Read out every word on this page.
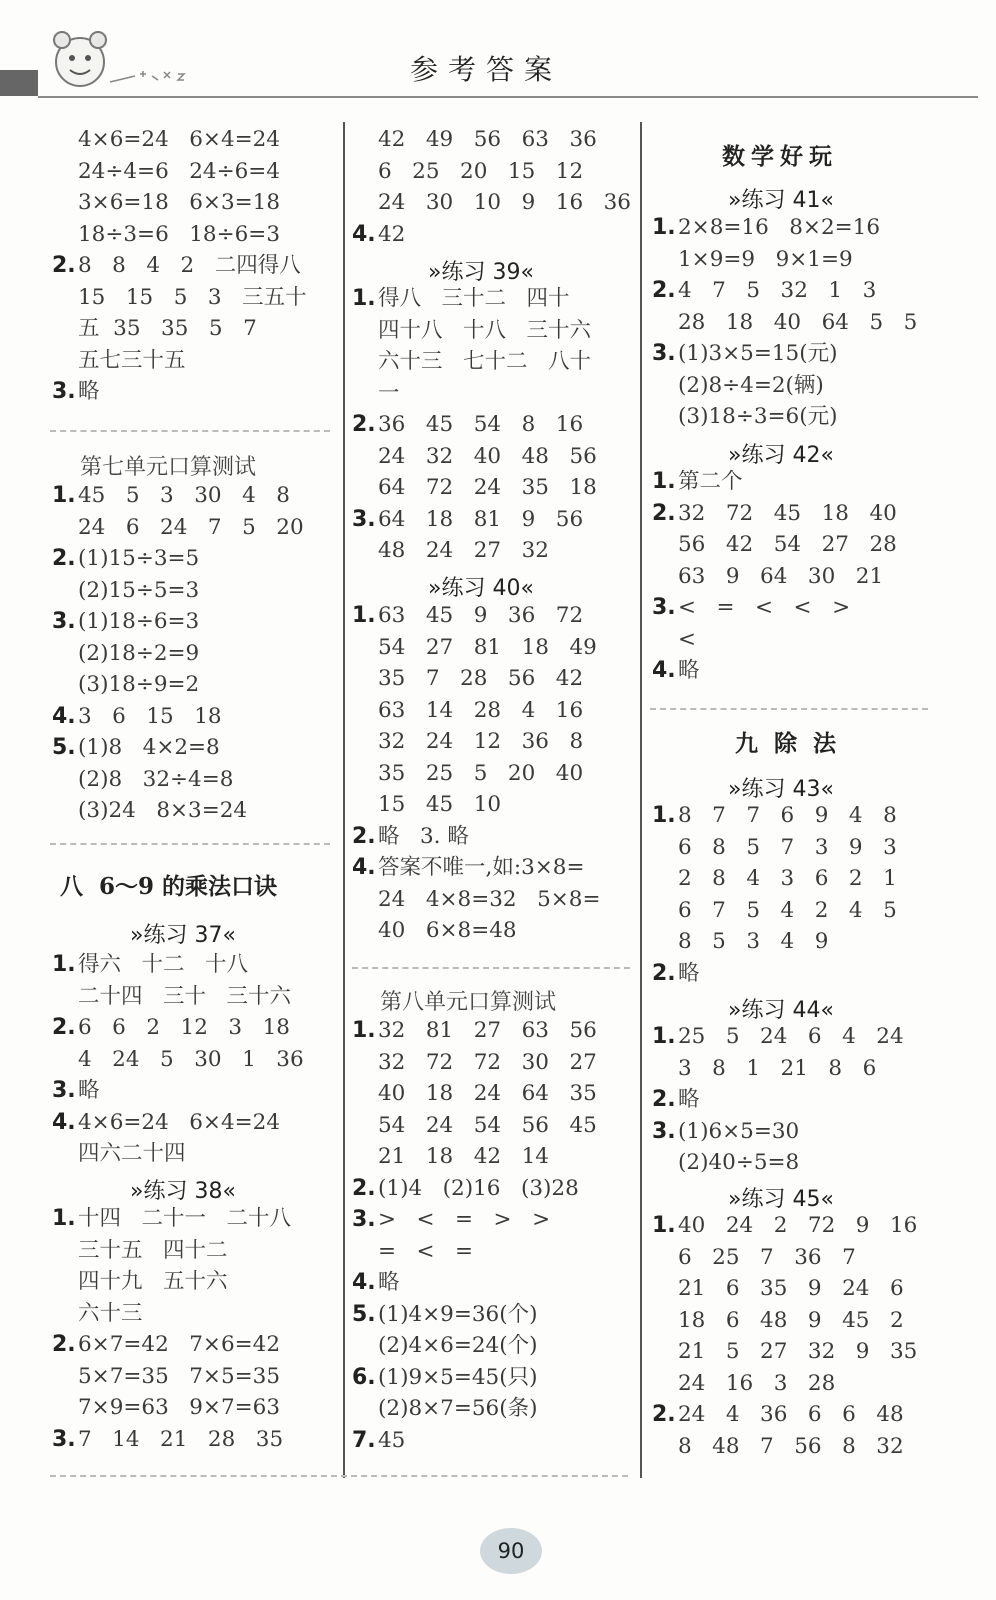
参考答案
90
4×6=24   6×4=24
24÷4=6   24÷6=4
3×6=18   6×3=18
18÷3=6   18÷6=3
2. 8   8   4   2   二四得八
15   15   5   3   三五十
五  35   35   5   7
五七三十五
3. 略
第七单元口算测试
1. 45   5   3   30   4   8
24   6   24   7   5   20
2. (1)15÷3=5
(2)15÷5=3
3. (1)18÷6=3
(2)18÷2=9
(3)18÷9=2
4. 3   6   15   18
5. (1)8   4×2=8
(2)8   32÷4=8
(3)24   8×3=24
八  6～9 的乘法口诀
»练习 37«
1. 得六   十二   十八
二十四   三十   三十六
2. 6   6   2   12   3   18
4   24   5   30   1   36
3. 略
4. 4×6=24   6×4=24
四六二十四
»练习 38«
1. 十四   二十一   二十八
三十五   四十二
四十九   五十六
六十三
2. 6×7=42   7×6=42
5×7=35   7×5=35
7×9=63   9×7=63
3. 7   14   21   28   35
42   49   56   63   36
6   25   20   15   12
24   30   10   9   16   36
4. 42
»练习 39«
1. 得八   三十二   四十
四十八   十八   三十六
六十三   七十二   八十
一
2. 36   45   54   8   16
24   32   40   48   56
64   72   24   35   18
3. 64   18   81   9   56
48   24   27   32
»练习 40«
1. 63   45   9   36   72
54   27   81   18   49
35   7   28   56   42
63   14   28   4   16
32   24   12   36   8
35   25   5   20   40
15   45   10
2. 略   3. 略
4. 答案不唯一,如:3×8=
24   4×8=32   5×8=
40   6×8=48
第八单元口算测试
1. 32   81   27   63   56
32   72   72   30   27
40   18   24   64   35
54   24   54   56   45
21   18   42   14
2. (1)4   (2)16   (3)28
3. >   <   =   >   >
=   <   =
4. 略
5. (1)4×9=36(个)
(2)4×6=24(个)
6. (1)9×5=45(只)
(2)8×7=56(条)
7. 45
数学好玩
»练习 41«
1. 2×8=16   8×2=16
1×9=9   9×1=9
2. 4   7   5   32   1   3
28   18   40   64   5   5
3. (1)3×5=15(元)
(2)8÷4=2(辆)
(3)18÷3=6(元)
»练习 42«
1. 第二个
2. 32   72   45   18   40
56   42   54   27   28
63   9   64   30   21
3. <   =   <   <   >
<
4. 略
九  除  法
»练习 43«
1. 8   7   7   6   9   4   8
6   8   5   7   3   9   3
2   8   4   3   6   2   1
6   7   5   4   2   4   5
8   5   3   4   9
2. 略
»练习 44«
1. 25   5   24   6   4   24
3   8   1   21   8   6
2. 略
3. (1)6×5=30
(2)40÷5=8
»练习 45«
1. 40   24   2   72   9   16
6   25   7   36   7
21   6   35   9   24   6
18   6   48   9   45   2
21   5   27   32   9   35
24   16   3   28
2. 24   4   36   6   6   48
8   48   7   56   8   32
